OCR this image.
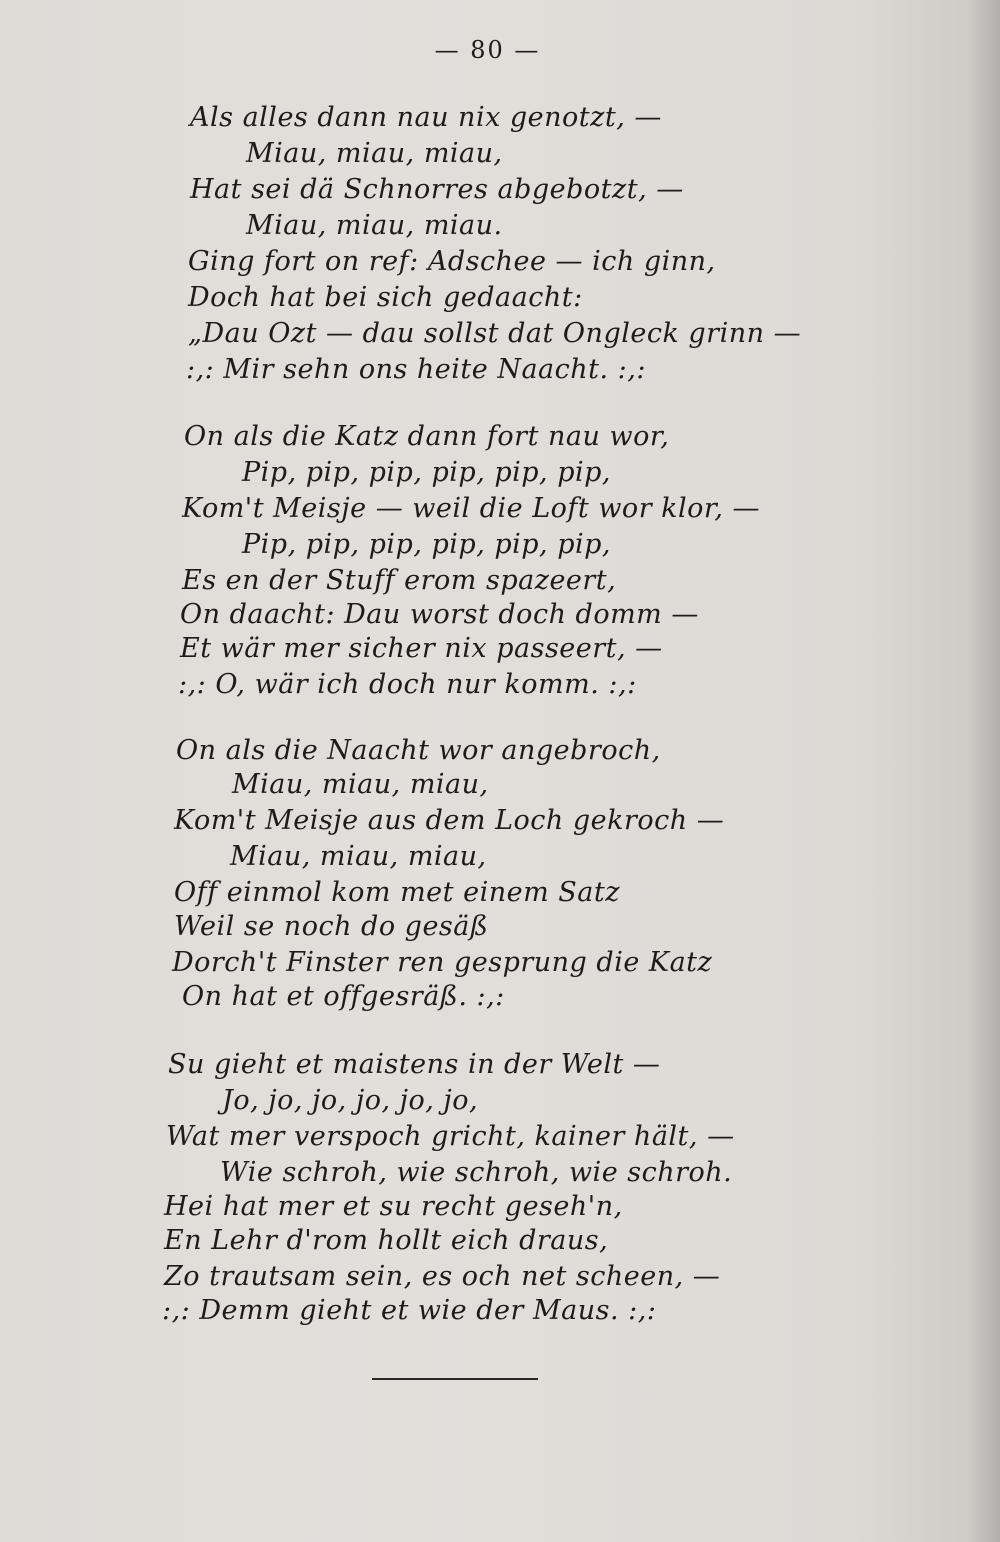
— 80 —
Als alles dann nau nix genotzt, —
Miau, miau, miau,
Hat sei dä Schnorres abgebotzt, —
Miau, miau, miau.
Ging fort on ref: Adschee — ich ginn,
Doch hat bei sich gedaacht:
„Dau Ozt — dau sollst dat Ongleck grinn —
:,: Mir sehn ons heite Naacht. :,:
On als die Katz dann fort nau wor,
Pip, pip, pip, pip, pip, pip,
Kom't Meisje — weil die Loft wor klor, —
Pip, pip, pip, pip, pip, pip,
Es en der Stuff erom spazeert,
On daacht: Dau worst doch domm —
Et wär mer sicher nix passeert, —
:,: O, wär ich doch nur komm. :,:
On als die Naacht wor angebroch,
Miau, miau, miau,
Kom't Meisje aus dem Loch gekroch —
Miau, miau, miau,
Off einmol kom met einem Satz
Weil se noch do gesäß
Dorch't Finster ren gesprung die Katz
On hat et offgesräß. :,:
Su gieht et maistens in der Welt —
Jo, jo, jo, jo, jo, jo,
Wat mer verspoch gricht, kainer hält, —
Wie schroh, wie schroh, wie schroh.
Hei hat mer et su recht geseh'n,
En Lehr d'rom hollt eich draus,
Zo trautsam sein, es och net scheen, —
:,: Demm gieht et wie der Maus. :,:
